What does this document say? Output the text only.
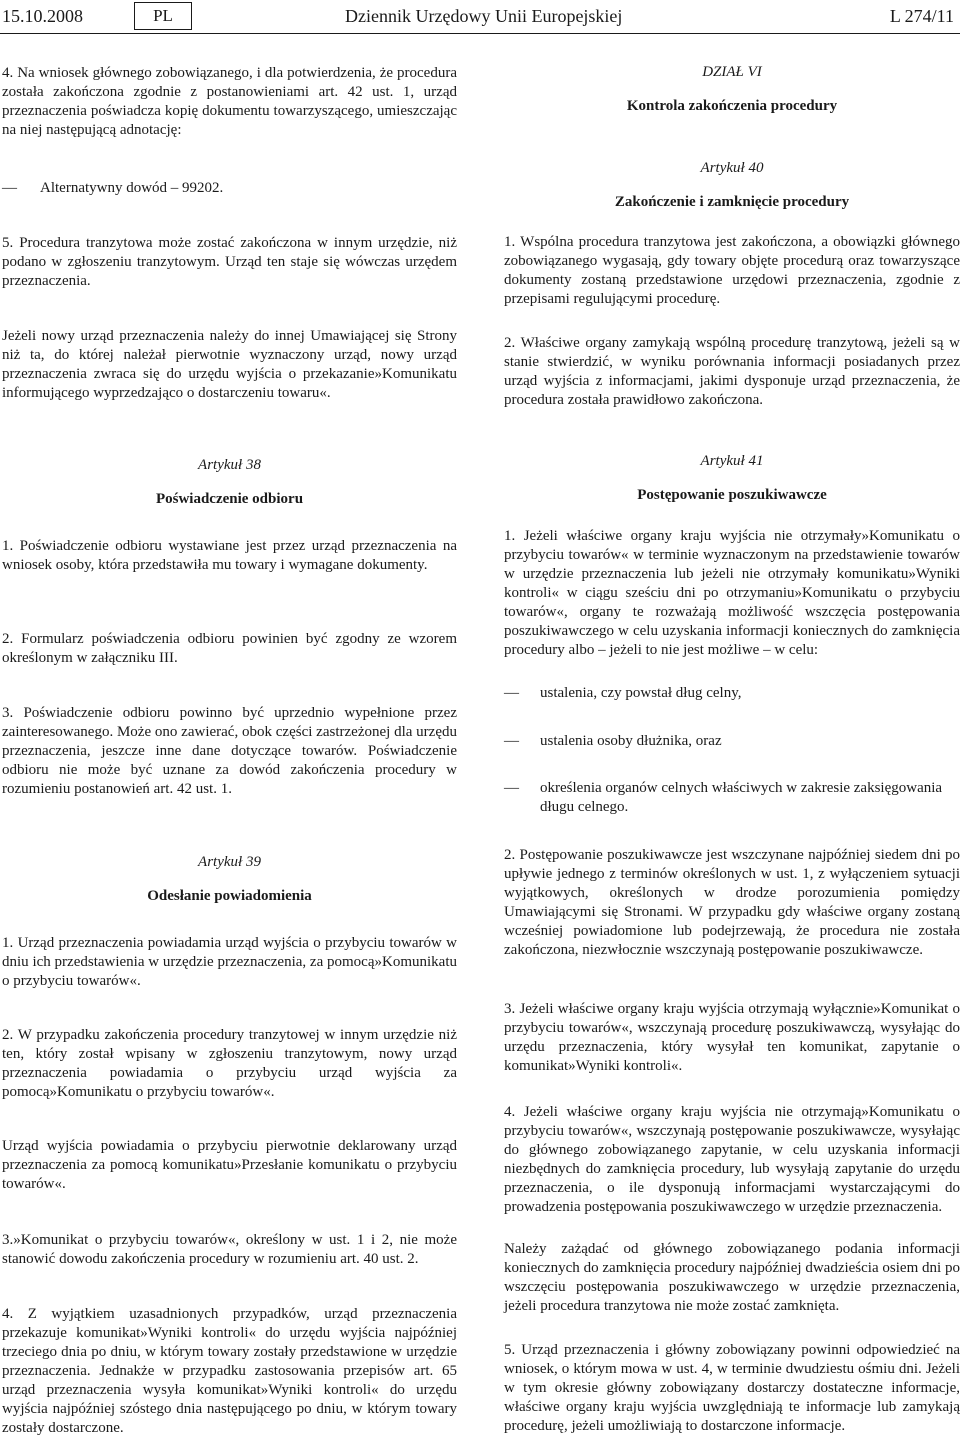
15.10.2008	PL	Dziennik Urzędowy Unii Europejskiej	L 274/11

4. Na wniosek głównego zobowiązanego, i dla potwierdzenia, że procedura została zakończona zgodnie z postanowieniami art. 42 ust. 1, urząd przeznaczenia poświadcza kopię dokumentu towarzyszącego, umieszczając na niej następującą adnotację:

—	Alternatywny dowód – 99202.

5. Procedura tranzytowa może zostać zakończona w innym urzędzie, niż podano w zgłoszeniu tranzytowym. Urząd ten staje się wówczas urzędem przeznaczenia.

Jeżeli nowy urząd przeznaczenia należy do innej Umawiającej się Strony niż ta, do której należał pierwotnie wyznaczony urząd, nowy urząd przeznaczenia zwraca się do urzędu wyjścia o przekazanie»Komunikatu informującego wyprzedzająco o dostarczeniu towaru«.

Artykuł 38
Poświadczenie odbioru

1. Poświadczenie odbioru wystawiane jest przez urząd przeznaczenia na wniosek osoby, która przedstawiła mu towary i wymagane dokumenty.

2. Formularz poświadczenia odbioru powinien być zgodny ze wzorem określonym w załączniku III.

3. Poświadczenie odbioru powinno być uprzednio wypełnione przez zainteresowanego. Może ono zawierać, obok części zastrzeżonej dla urzędu przeznaczenia, jeszcze inne dane dotyczące towarów. Poświadczenie odbioru nie może być uznane za dowód zakończenia procedury w rozumieniu postanowień art. 42 ust. 1.

Artykuł 39
Odesłanie powiadomienia

1. Urząd przeznaczenia powiadamia urząd wyjścia o przybyciu towarów w dniu ich przedstawienia w urzędzie przeznaczenia, za pomocą»Komunikatu o przybyciu towarów«.

2. W przypadku zakończenia procedury tranzytowej w innym urzędzie niż ten, który został wpisany w zgłoszeniu tranzytowym, nowy urząd przeznaczenia powiadamia o przybyciu urząd wyjścia za pomocą»Komunikatu o przybyciu towarów«.

Urząd wyjścia powiadamia o przybyciu pierwotnie deklarowany urząd przeznaczenia za pomocą komunikatu»Przesłanie komunikatu o przybyciu towarów«.

3.»Komunikat o przybyciu towarów«, określony w ust. 1 i 2, nie może stanowić dowodu zakończenia procedury w rozumieniu art. 40 ust. 2.

4. Z wyjątkiem uzasadnionych przypadków, urząd przeznaczenia przekazuje komunikat»Wyniki kontroli« do urzędu wyjścia najpóźniej trzeciego dnia po dniu, w którym towary zostały przedstawione w urzędzie przeznaczenia. Jednakże w przypadku zastosowania przepisów art. 65 urząd przeznaczenia wysyła komunikat»Wyniki kontroli« do urzędu wyjścia najpóźniej szóstego dnia następującego po dniu, w którym towary zostały dostarczone.

DZIAŁ VI
Kontrola zakończenia procedury
Artykuł 40
Zakończenie i zamknięcie procedury

1. Wspólna procedura tranzytowa jest zakończona, a obowiązki głównego zobowiązanego wygasają, gdy towary objęte procedurą oraz towarzyszące dokumenty zostaną przedstawione urzędowi przeznaczenia, zgodnie z przepisami regulującymi procedurę.

2. Właściwe organy zamykają wspólną procedurę tranzytową, jeżeli są w stanie stwierdzić, w wyniku porównania informacji posiadanych przez urząd wyjścia z informacjami, jakimi dysponuje urząd przeznaczenia, że procedura została prawidłowo zakończona.

Artykuł 41
Postępowanie poszukiwawcze

1. Jeżeli właściwe organy kraju wyjścia nie otrzymały»Komunikatu o przybyciu towarów« w terminie wyznaczonym na przedstawienie towarów w urzędzie przeznaczenia lub jeżeli nie otrzymały komunikatu»Wyniki kontroli« w ciągu sześciu dni po otrzymaniu»Komunikatu o przybyciu towarów«, organy te rozważają możliwość wszczęcia postępowania poszukiwawczego w celu uzyskania informacji koniecznych do zamknięcia procedury albo – jeżeli to nie jest możliwe – w celu:

—	ustalenia, czy powstał dług celny,
—	ustalenia osoby dłużnika, oraz
—	określenia organów celnych właściwych w zakresie zaksięgowania długu celnego.

2. Postępowanie poszukiwawcze jest wszczynane najpóźniej siedem dni po upływie jednego z terminów określonych w ust. 1, z wyłączeniem sytuacji wyjątkowych, określonych w drodze porozumienia pomiędzy Umawiającymi się Stronami. W przypadku gdy właściwe organy zostaną wcześniej powiadomione lub podejrzewają, że procedura nie została zakończona, niezwłocznie wszczynają postępowanie poszukiwawcze.

3. Jeżeli właściwe organy kraju wyjścia otrzymają wyłącznie»Komunikat o przybyciu towarów«, wszczynają procedurę poszukiwawczą, wysyłając do urzędu przeznaczenia, który wysyłał ten komunikat, zapytanie o komunikat»Wyniki kontroli«.

4. Jeżeli właściwe organy kraju wyjścia nie otrzymają»Komunikatu o przybyciu towarów«, wszczynają postępowanie poszukiwawcze, wysyłając do głównego zobowiązanego zapytanie, w celu uzyskania informacji niezbędnych do zamknięcia procedury, lub wysyłają zapytanie do urzędu przeznaczenia, o ile dysponują informacjami wystarczającymi do prowadzenia postępowania poszukiwawczego w urzędzie przeznaczenia.

Należy zażądać od głównego zobowiązanego podania informacji koniecznych do zamknięcia procedury najpóźniej dwadzieścia osiem dni po wszczęciu postępowania poszukiwawczego w urzędzie przeznaczenia, jeżeli procedura tranzytowa nie może zostać zamknięta.

5. Urząd przeznaczenia i główny zobowiązany powinni odpowiedzieć na wniosek, o którym mowa w ust. 4, w terminie dwudziestu ośmiu dni. Jeżeli w tym okresie główny zobowiązany dostarczy dostateczne informacje, właściwe organy kraju wyjścia uwzględniają te informacje lub zamykają procedurę, jeżeli umożliwiają to dostarczone informacje.
